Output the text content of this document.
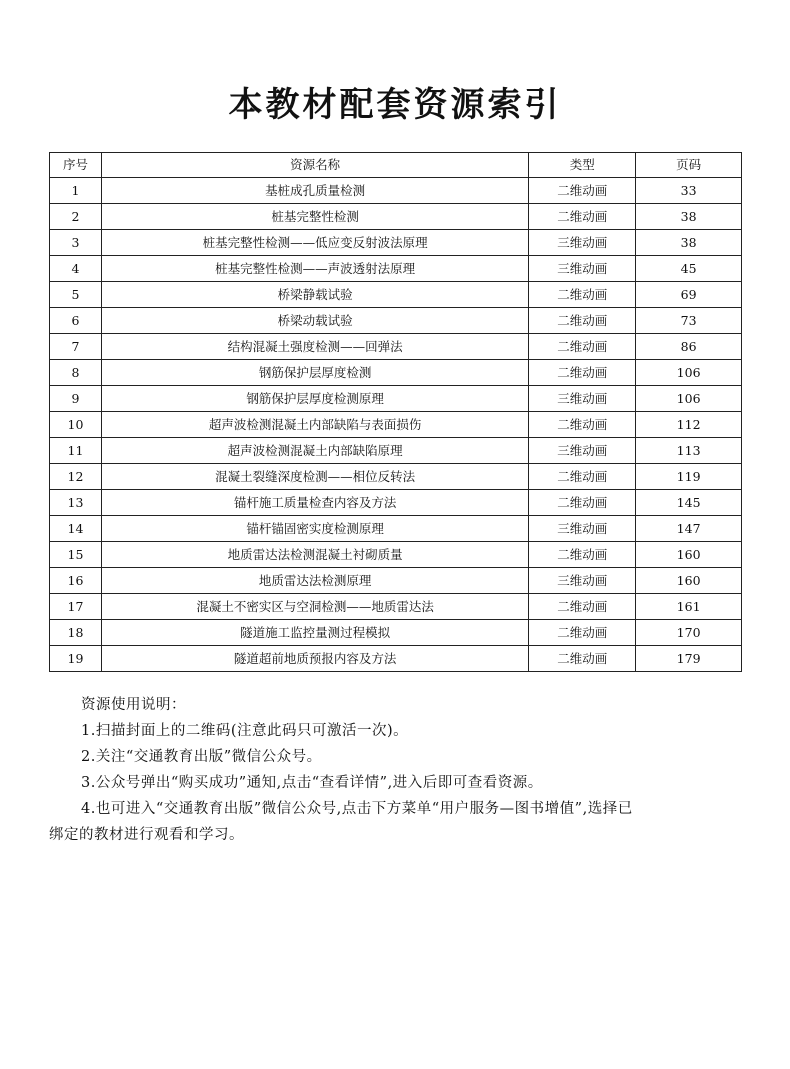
本教材配套资源索引
序号	资源名称	类型	页码
1	基桩成孔质量检测	二维动画	33
2	桩基完整性检测	二维动画	38
3	桩基完整性检测——低应变反射波法原理	三维动画	38
4	桩基完整性检测——声波透射法原理	三维动画	45
5	桥梁静载试验	二维动画	69
6	桥梁动载试验	二维动画	73
7	结构混凝土强度检测——回弹法	二维动画	86
8	钢筋保护层厚度检测	二维动画	106
9	钢筋保护层厚度检测原理	三维动画	106
10	超声波检测混凝土内部缺陷与表面损伤	二维动画	112
11	超声波检测混凝土内部缺陷原理	三维动画	113
12	混凝土裂缝深度检测——相位反转法	二维动画	119
13	锚杆施工质量检查内容及方法	二维动画	145
14	锚杆锚固密实度检测原理	三维动画	147
15	地质雷达法检测混凝土衬砌质量	二维动画	160
16	地质雷达法检测原理	三维动画	160
17	混凝土不密实区与空洞检测——地质雷达法	二维动画	161
18	隧道施工监控量测过程模拟	二维动画	170
19	隧道超前地质预报内容及方法	二维动画	179

资源使用说明：

1.扫描封面上的二维码(注意此码只可激活一次)。

2.关注“交通教育出版”微信公众号。

3.公众号弹出“购买成功”通知,点击“查看详情”,进入后即可查看资源。

4.也可进入“交通教育出版”微信公众号,点击下方菜单“用户服务—图书增值”,选择已

绑定的教材进行观看和学习。
